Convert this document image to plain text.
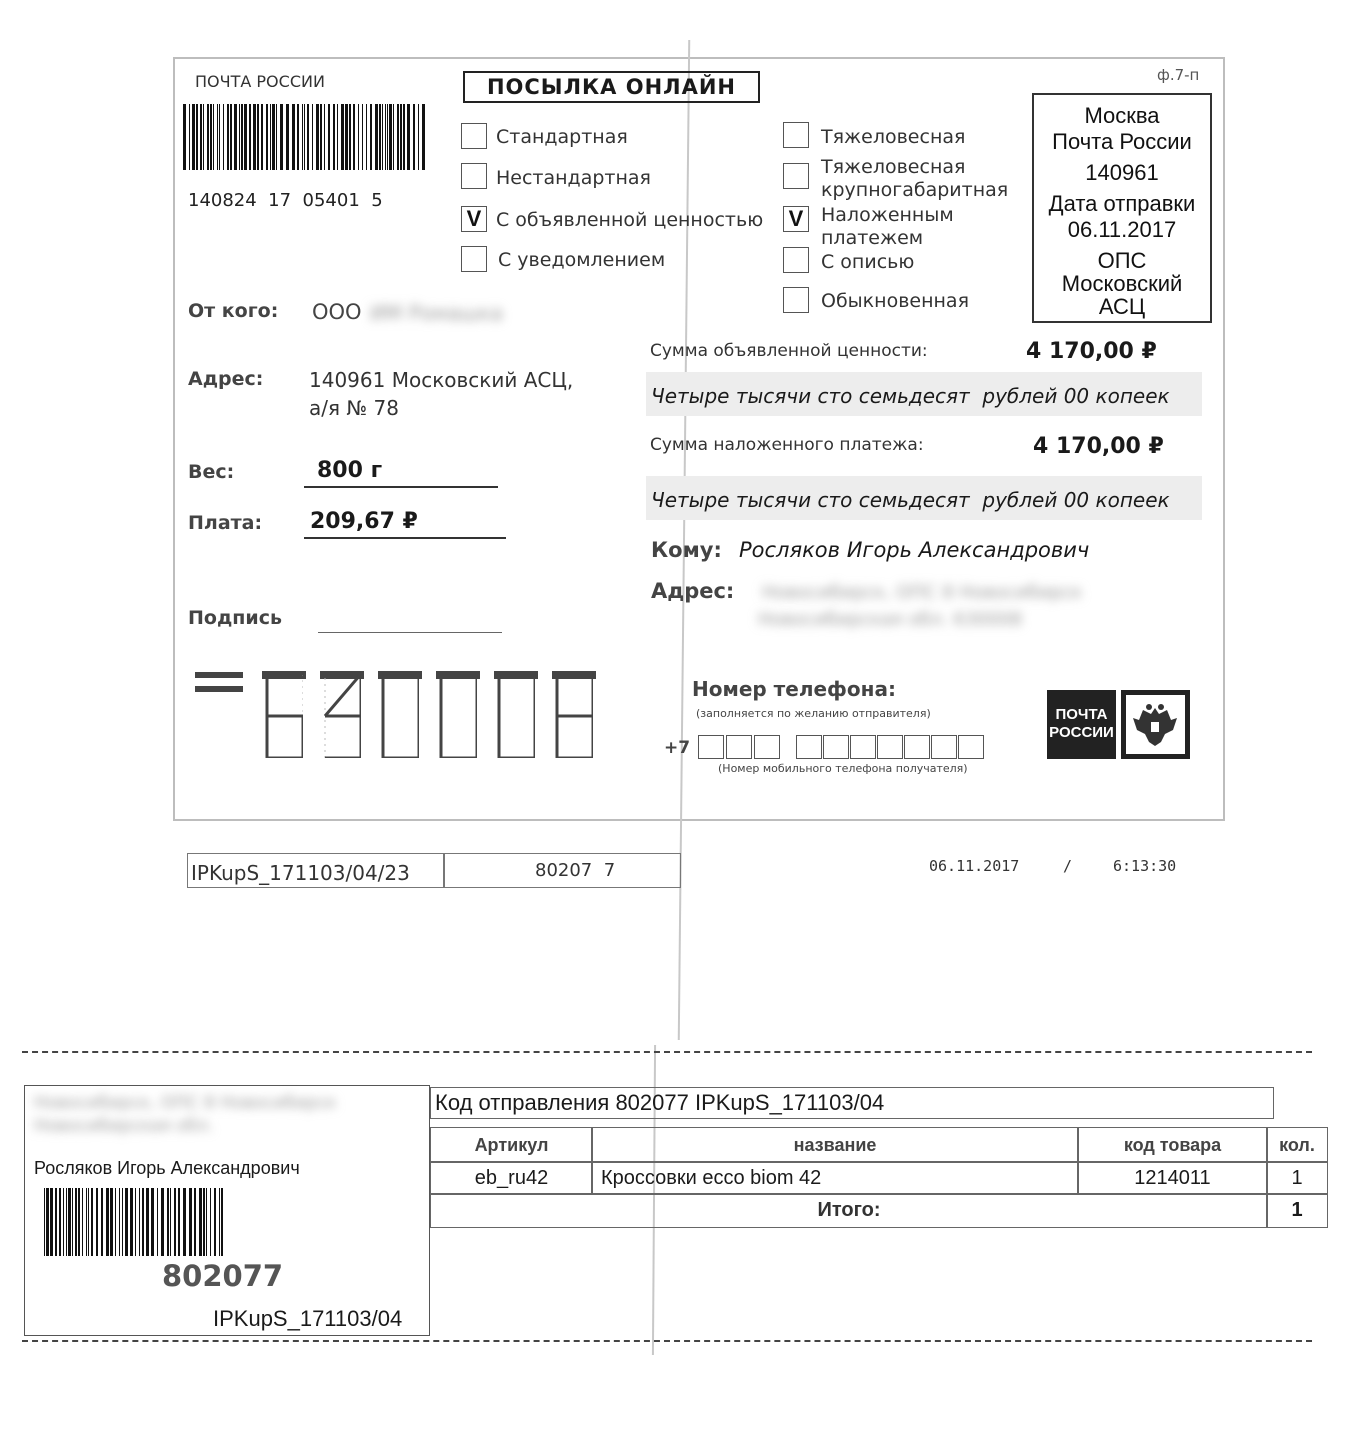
ПОЧТА РОССИИ
140824  17  05401  5
ПОСЫЛКА ОНЛАЙН	ф.7-п
Стандартная
Нестандартная
V С объявленной ценностью
С уведомлением
Тяжеловесная
Тяжеловесная
крупногабаритная
V Наложенным
платежем
С описью
Обыкновенная
Москва
Почта России
140961
Дата отправки
06.11.2017
ОПС
Московский
АСЦ
От кого: ООО ИМ Ромашка
Адрес: 140961 Московский АСЦ,
а/я № 78
Вес:	800 г
Плата: 209,67 ₽
Подпись
Сумма объявленной ценности:	4 170,00 ₽
Четыре тысячи сто семьдесят  рублей 00 копеек
Сумма наложенного платежа:	4 170,00 ₽
Четыре тысячи сто семьдесят  рублей 00 копеек
Кому: Росляков Игорь Александрович
Адрес: Новосибирск, ОПС 8 Новосибирск
Новосибирская обл. 630008
Номер телефона:
(заполняется по желанию отправителя)
+7
(Номер мобильного телефона получателя)
ПОЧТА
РОССИИ
IPKupS_171103/04/23	80207  7	06.11.2017	/	6:13:30
Новосибирск, ОПС 8 Новосибирск
Новосибирская обл.
Росляков Игорь Александрович
802077
IPKupS_171103/04
Код отправления 802077 IPKupS_171103/04
Артикул	название	код товара	кол.
eb_ru42	Кроссовки ecco biom 42	1214011	1
Итого:	1
